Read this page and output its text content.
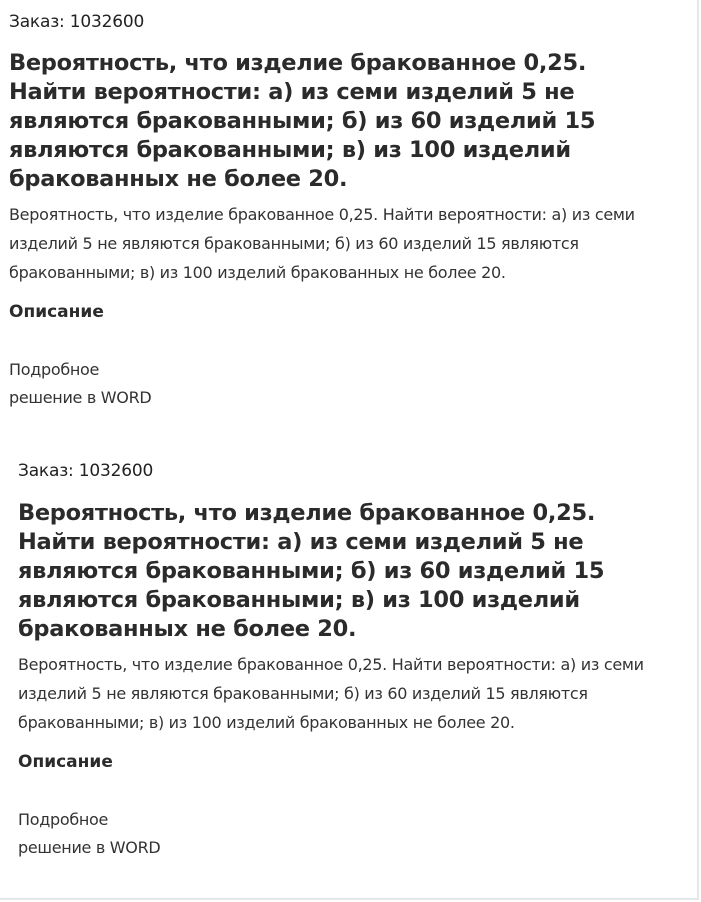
Заказ: 1032600
Вероятность, что изделие бракованное 0,25. Найти вероятности: а) из семи изделий 5 не являются бракованными; б) из 60 изделий 15 являются бракованными; в) из 100 изделий бракованных не более 20.

Вероятность, что изделие бракованное 0,25. Найти вероятности: а) из семи изделий 5 не являются бракованными; б) из 60 изделий 15 являются бракованными; в) из 100 изделий бракованных не более 20.

Описание
Подробное
решение в WORD
Заказ: 1032600
Вероятность, что изделие бракованное 0,25. Найти вероятности: а) из семи изделий 5 не являются бракованными; б) из 60 изделий 15 являются бракованными; в) из 100 изделий бракованных не более 20.

Вероятность, что изделие бракованное 0,25. Найти вероятности: а) из семи изделий 5 не являются бракованными; б) из 60 изделий 15 являются бракованными; в) из 100 изделий бракованных не более 20.

Описание
Подробное
решение в WORD
